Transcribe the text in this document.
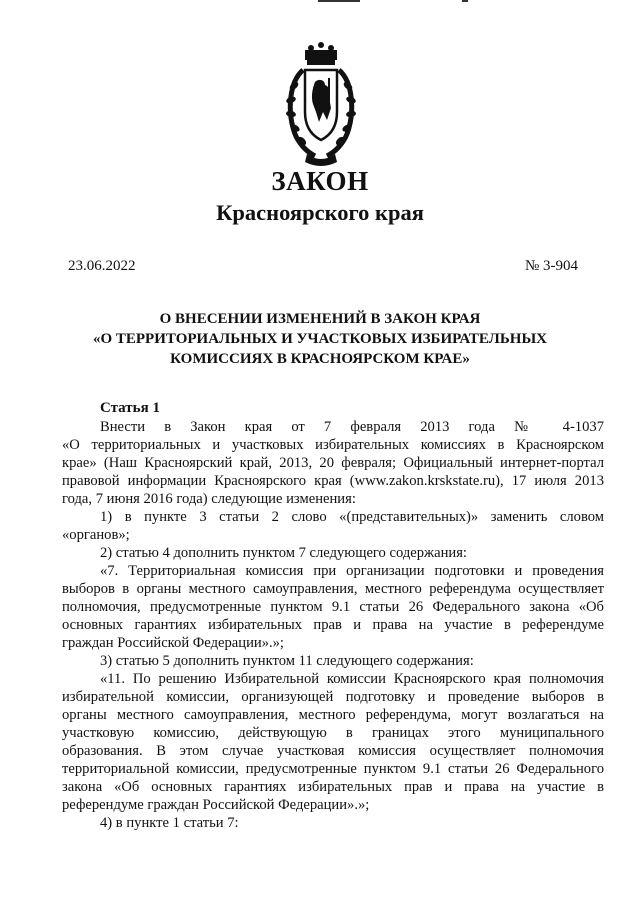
ЗАКОН
Красноярского края
23.06.2022	№ 3-904
О ВНЕСЕНИИ ИЗМЕНЕНИЙ В ЗАКОН КРАЯ
«О ТЕРРИТОРИАЛЬНЫХ И УЧАСТКОВЫХ ИЗБИРАТЕЛЬНЫХ
КОМИССИЯХ В КРАСНОЯРСКОМ КРАЕ»
Статья 1
Внести в Закон края от 7 февраля 2013 года № 4-1037
«О территориальных и участковых избирательных комиссиях в Красноярском
крае» (Наш Красноярский край, 2013, 20 февраля; Официальный интернет-портал
правовой информации Красноярского края (www.zakon.krskstate.ru), 17 июля 2013
года, 7 июня 2016 года) следующие изменения:
1) в пункте 3 статьи 2 слово «(представительных)» заменить словом
«органов»;
2) статью 4 дополнить пунктом 7 следующего содержания:
«7. Территориальная комиссия при организации подготовки и проведения
выборов в органы местного самоуправления, местного референдума осуществляет
полномочия, предусмотренные пунктом 9.1 статьи 26 Федерального закона «Об
основных гарантиях избирательных прав и права на участие в референдуме
граждан Российской Федерации».»;
3) статью 5 дополнить пунктом 11 следующего содержания:
«11. По решению Избирательной комиссии Красноярского края полномочия
избирательной комиссии, организующей подготовку и проведение выборов в
органы местного самоуправления, местного референдума, могут возлагаться на
участковую комиссию, действующую в границах этого муниципального
образования. В этом случае участковая комиссия осуществляет полномочия
территориальной комиссии, предусмотренные пунктом 9.1 статьи 26 Федерального
закона «Об основных гарантиях избирательных прав и права на участие в
референдуме граждан Российской Федерации».»;
4) в пункте 1 статьи 7:
